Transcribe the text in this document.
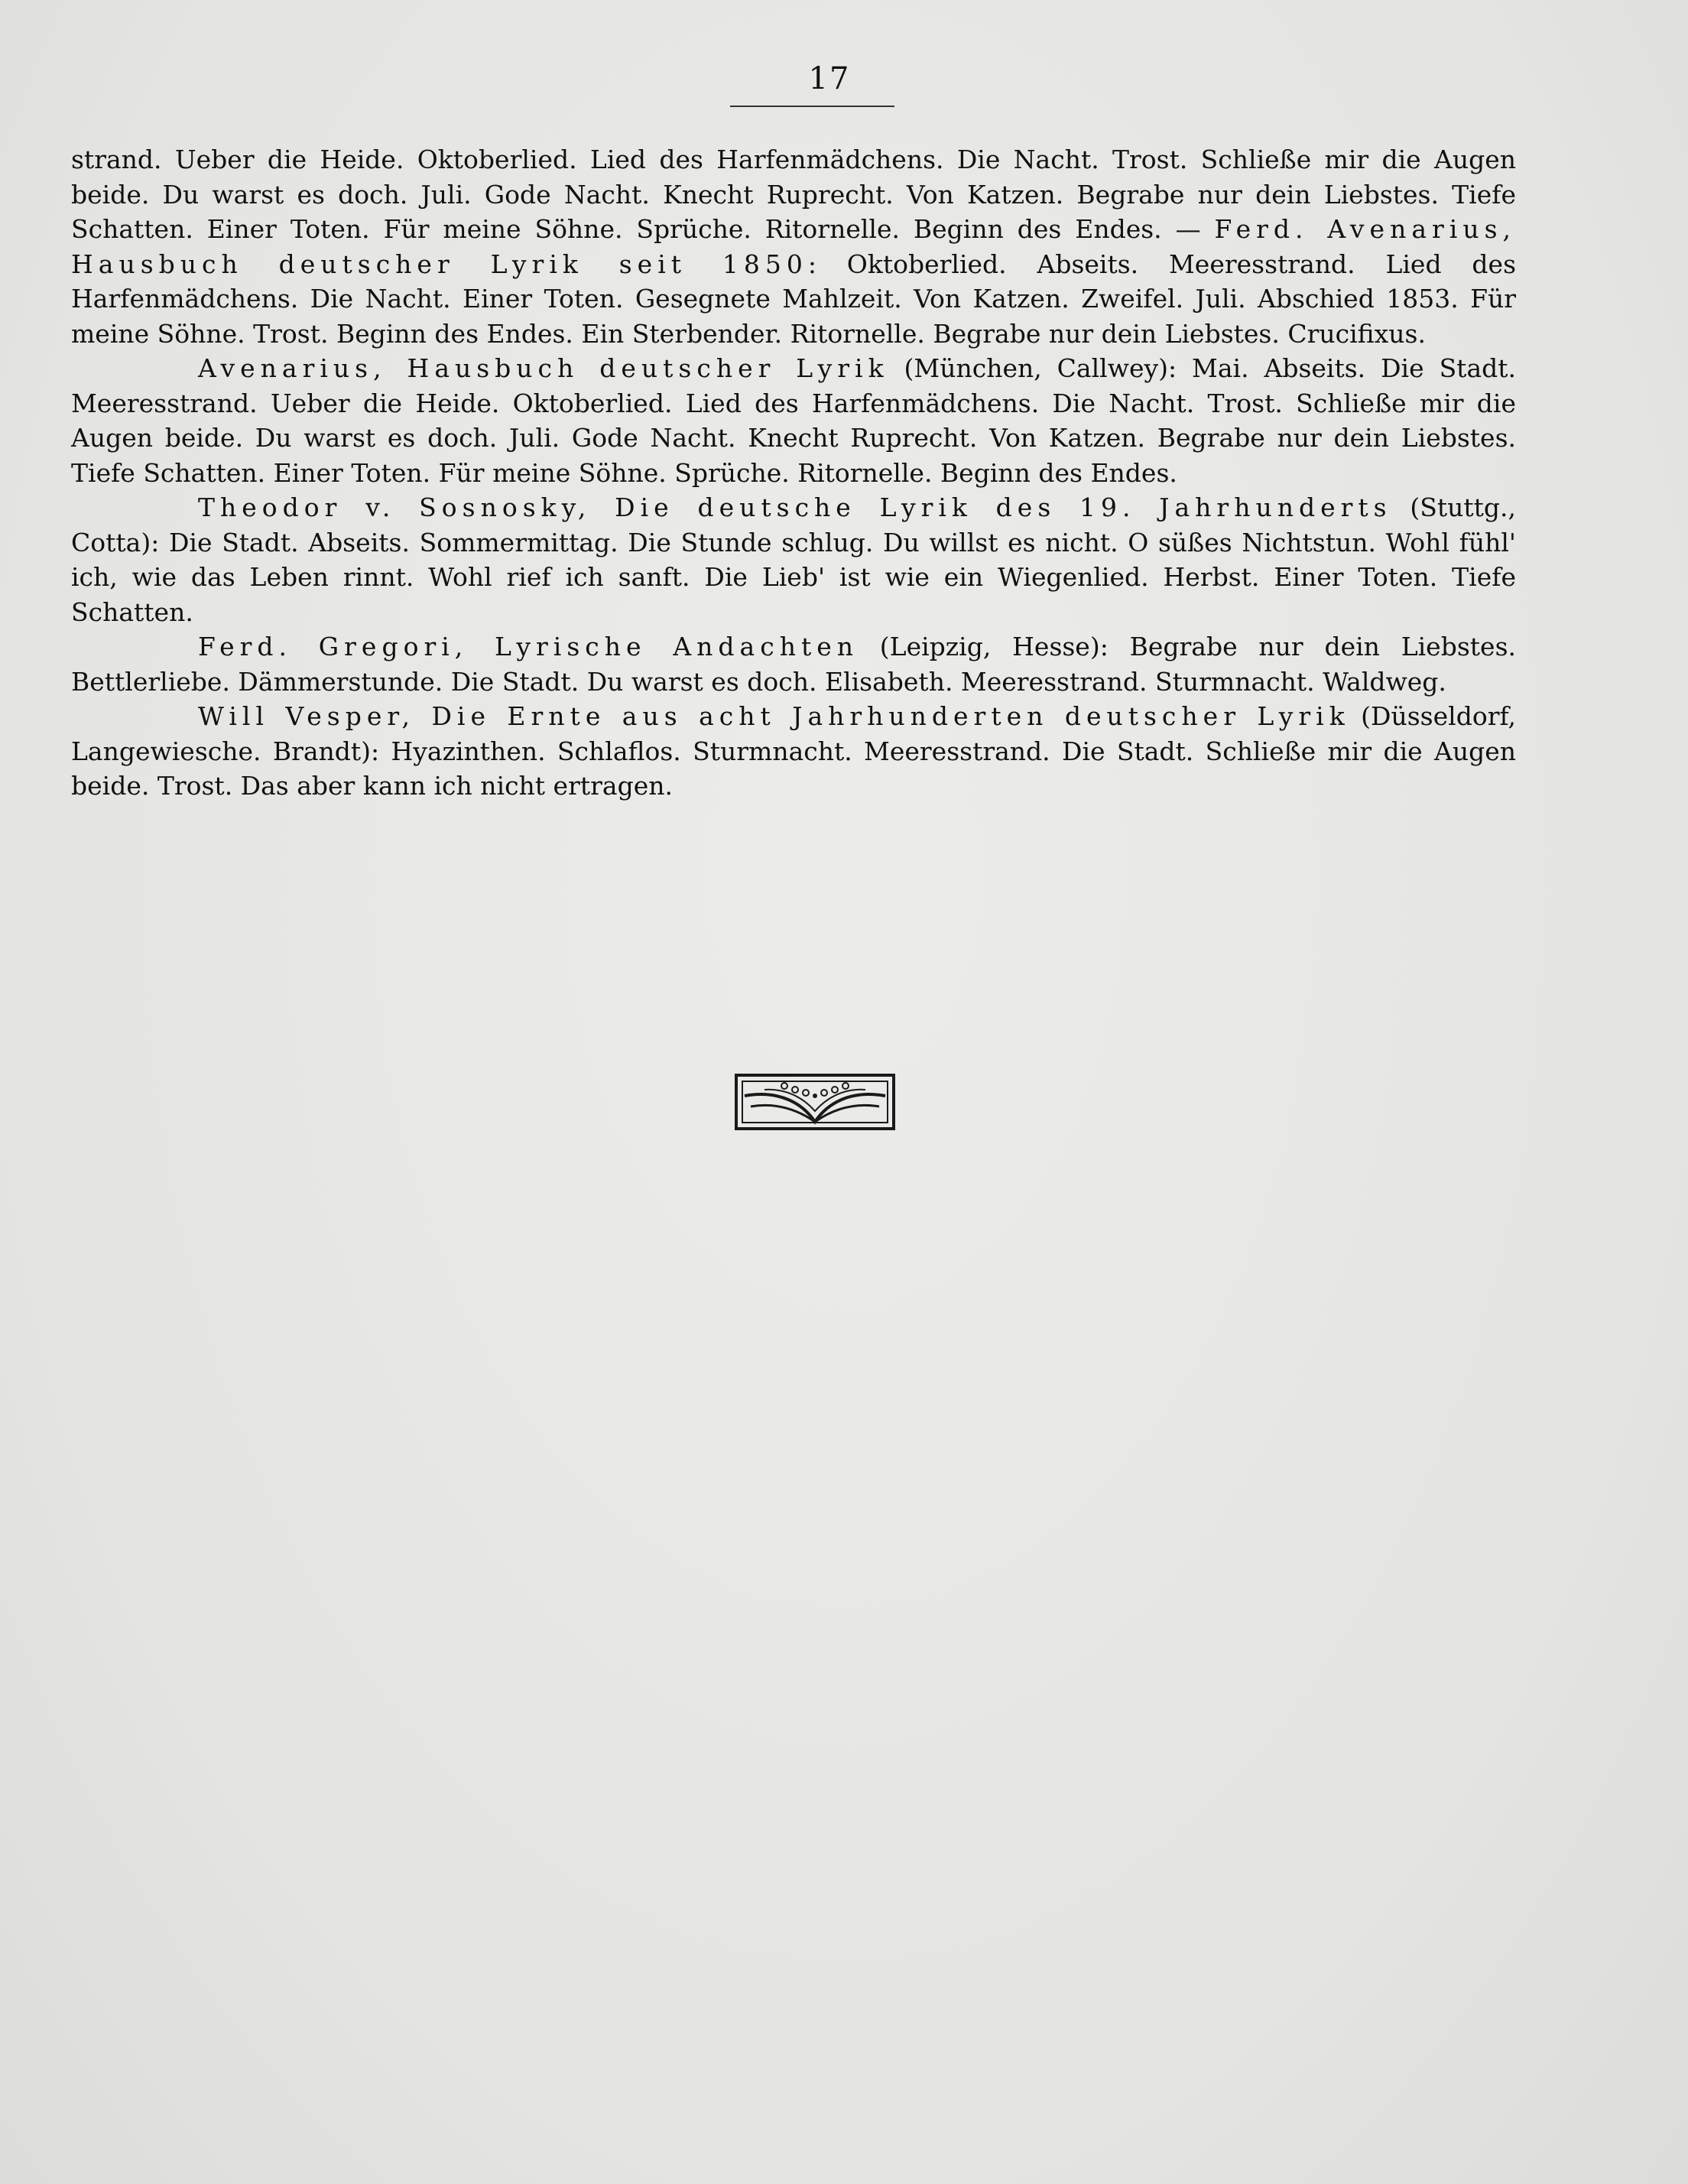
17

strand. Ueber die Heide. Oktoberlied. Lied des Harfenmädchens. Die Nacht. Trost. Schließe mir die Augen beide. Du warst es doch. Juli. Gode Nacht. Knecht Ruprecht. Von Katzen. Begrabe nur dein Liebstes. Tiefe Schatten. Einer Toten. Für meine Söhne. Sprüche. Ritornelle. Beginn des Endes. — Ferd. Avenarius, Hausbuch deutscher Lyrik seit 1850: Oktoberlied. Abseits. Meeresstrand. Lied des Harfenmädchens. Die Nacht. Einer Toten. Gesegnete Mahlzeit. Von Katzen. Zweifel. Juli. Abschied 1853. Für meine Söhne. Trost. Beginn des Endes. Ein Sterbender. Ritornelle. Begrabe nur dein Liebstes. Crucifixus.

Avenarius, Hausbuch deutscher Lyrik (München, Callwey): Mai. Abseits. Die Stadt. Meeresstrand. Ueber die Heide. Oktoberlied. Lied des Harfenmädchens. Die Nacht. Trost. Schließe mir die Augen beide. Du warst es doch. Juli. Gode Nacht. Knecht Ruprecht. Von Katzen. Begrabe nur dein Liebstes. Tiefe Schatten. Einer Toten. Für meine Söhne. Sprüche. Ritornelle. Beginn des Endes.

Theodor v. Sosnosky, Die deutsche Lyrik des 19. Jahrhunderts (Stuttg., Cotta): Die Stadt. Abseits. Sommermittag. Die Stunde schlug. Du willst es nicht. O süßes Nichtstun. Wohl fühl' ich, wie das Leben rinnt. Wohl rief ich sanft. Die Lieb' ist wie ein Wiegenlied. Herbst. Einer Toten. Tiefe Schatten.

Ferd. Gregori, Lyrische Andachten (Leipzig, Hesse): Begrabe nur dein Liebstes. Bettlerliebe. Dämmerstunde. Die Stadt. Du warst es doch. Elisabeth. Meeresstrand. Sturmnacht. Waldweg.

Will Vesper, Die Ernte aus acht Jahrhunderten deutscher Lyrik (Düsseldorf, Langewiesche. Brandt): Hyazinthen. Schlaflos. Sturmnacht. Meeresstrand. Die Stadt. Schließe mir die Augen beide. Trost. Das aber kann ich nicht ertragen.
